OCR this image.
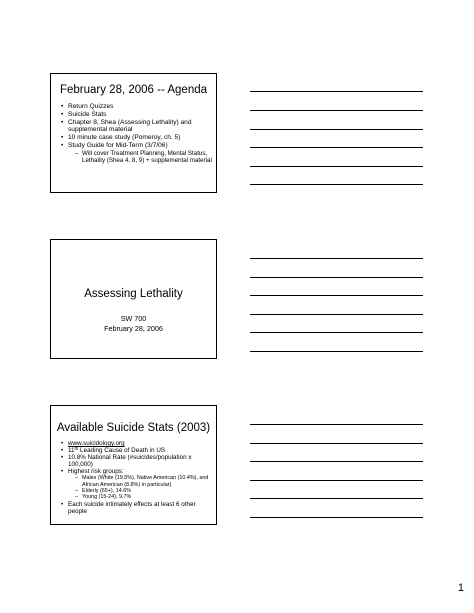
February 28, 2006 -- Agenda

• Return Quizzes
• Suicide Stats
• Chapter 8, Shea (Assessing Lethality) and supplemental material
• 10 minute case study (Pomeroy, ch. 5)
• Study Guide for Mid-Term (3/7/06)
– Will cover Treatment Planning, Mental Status, Lethality (Shea 4, 8, 9) + supplemental material

Assessing Lethality

SW 700

February 28, 2006

Available Suicide Stats (2003)

• www.suicidology.org
• 11th Leading Cause of Death in US
• 10.8% National Rate (#suicides/population x 100,000)
• Highest risk groups:
– Males (White (19.5%), Native American (10.4%), and African American (8.8%) in particular)
– Elderly (65+), 14.6%
– Young (15-24), 9.7%
• Each suicide intimately effects at least 6 other people
1
